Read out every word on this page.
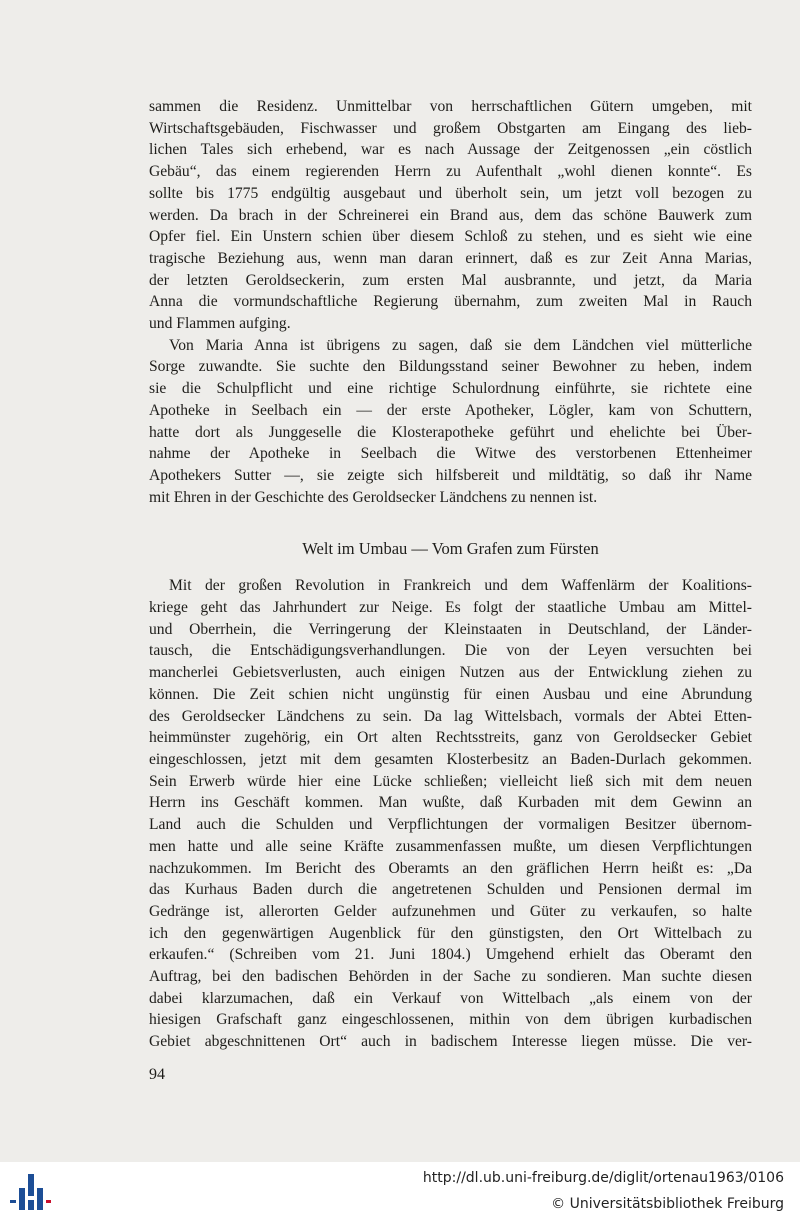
sammen die Residenz. Unmittelbar von herrschaftlichen Gütern umgeben, mit

Wirtschaftsgebäuden, Fischwasser und großem Obstgarten am Eingang des lieb-

lichen Tales sich erhebend, war es nach Aussage der Zeitgenossen „ein cöstlich

Gebäu“, das einem regierenden Herrn zu Aufenthalt „wohl dienen konnte“. Es

sollte bis 1775 endgültig ausgebaut und überholt sein, um jetzt voll bezogen zu

werden. Da brach in der Schreinerei ein Brand aus, dem das schöne Bauwerk zum

Opfer fiel. Ein Unstern schien über diesem Schloß zu stehen, und es sieht wie eine

tragische Beziehung aus, wenn man daran erinnert, daß es zur Zeit Anna Marias,

der letzten Geroldseckerin, zum ersten Mal ausbrannte, und jetzt, da Maria

Anna die vormundschaftliche Regierung übernahm, zum zweiten Mal in Rauch

und Flammen aufging.

Von Maria Anna ist übrigens zu sagen, daß sie dem Ländchen viel mütterliche

Sorge zuwandte. Sie suchte den Bildungsstand seiner Bewohner zu heben, indem

sie die Schulpflicht und eine richtige Schulordnung einführte, sie richtete eine

Apotheke in Seelbach ein — der erste Apotheker, Lögler, kam von Schuttern,

hatte dort als Junggeselle die Klosterapotheke geführt und ehelichte bei Über-

nahme der Apotheke in Seelbach die Witwe des verstorbenen Ettenheimer

Apothekers Sutter —, sie zeigte sich hilfsbereit und mildtätig, so daß ihr Name

mit Ehren in der Geschichte des Geroldsecker Ländchens zu nennen ist.

Welt im Umbau — Vom Grafen zum Fürsten

Mit der großen Revolution in Frankreich und dem Waffenlärm der Koalitions-

kriege geht das Jahrhundert zur Neige. Es folgt der staatliche Umbau am Mittel-

und Oberrhein, die Verringerung der Kleinstaaten in Deutschland, der Länder-

tausch, die Entschädigungsverhandlungen. Die von der Leyen versuchten bei

mancherlei Gebietsverlusten, auch einigen Nutzen aus der Entwicklung ziehen zu

können. Die Zeit schien nicht ungünstig für einen Ausbau und eine Abrundung

des Geroldsecker Ländchens zu sein. Da lag Wittelsbach, vormals der Abtei Etten-

heimmünster zugehörig, ein Ort alten Rechtsstreits, ganz von Geroldsecker Gebiet

eingeschlossen, jetzt mit dem gesamten Klosterbesitz an Baden-Durlach gekommen.

Sein Erwerb würde hier eine Lücke schließen; vielleicht ließ sich mit dem neuen

Herrn ins Geschäft kommen. Man wußte, daß Kurbaden mit dem Gewinn an

Land auch die Schulden und Verpflichtungen der vormaligen Besitzer übernom-

men hatte und alle seine Kräfte zusammenfassen mußte, um diesen Verpflichtungen

nachzukommen. Im Bericht des Oberamts an den gräflichen Herrn heißt es: „Da

das Kurhaus Baden durch die angetretenen Schulden und Pensionen dermal im

Gedränge ist, allerorten Gelder aufzunehmen und Güter zu verkaufen, so halte

ich den gegenwärtigen Augenblick für den günstigsten, den Ort Wittelbach zu

erkaufen.“ (Schreiben vom 21. Juni 1804.) Umgehend erhielt das Oberamt den

Auftrag, bei den badischen Behörden in der Sache zu sondieren. Man suchte diesen

dabei klarzumachen, daß ein Verkauf von Wittelbach „als einem von der

hiesigen Grafschaft ganz eingeschlossenen, mithin von dem übrigen kurbadischen

Gebiet abgeschnittenen Ort“ auch in badischem Interesse liegen müsse. Die ver-

94
http://dl.ub.uni-freiburg.de/diglit/ortenau1963/0106
© Universitätsbibliothek Freiburg
